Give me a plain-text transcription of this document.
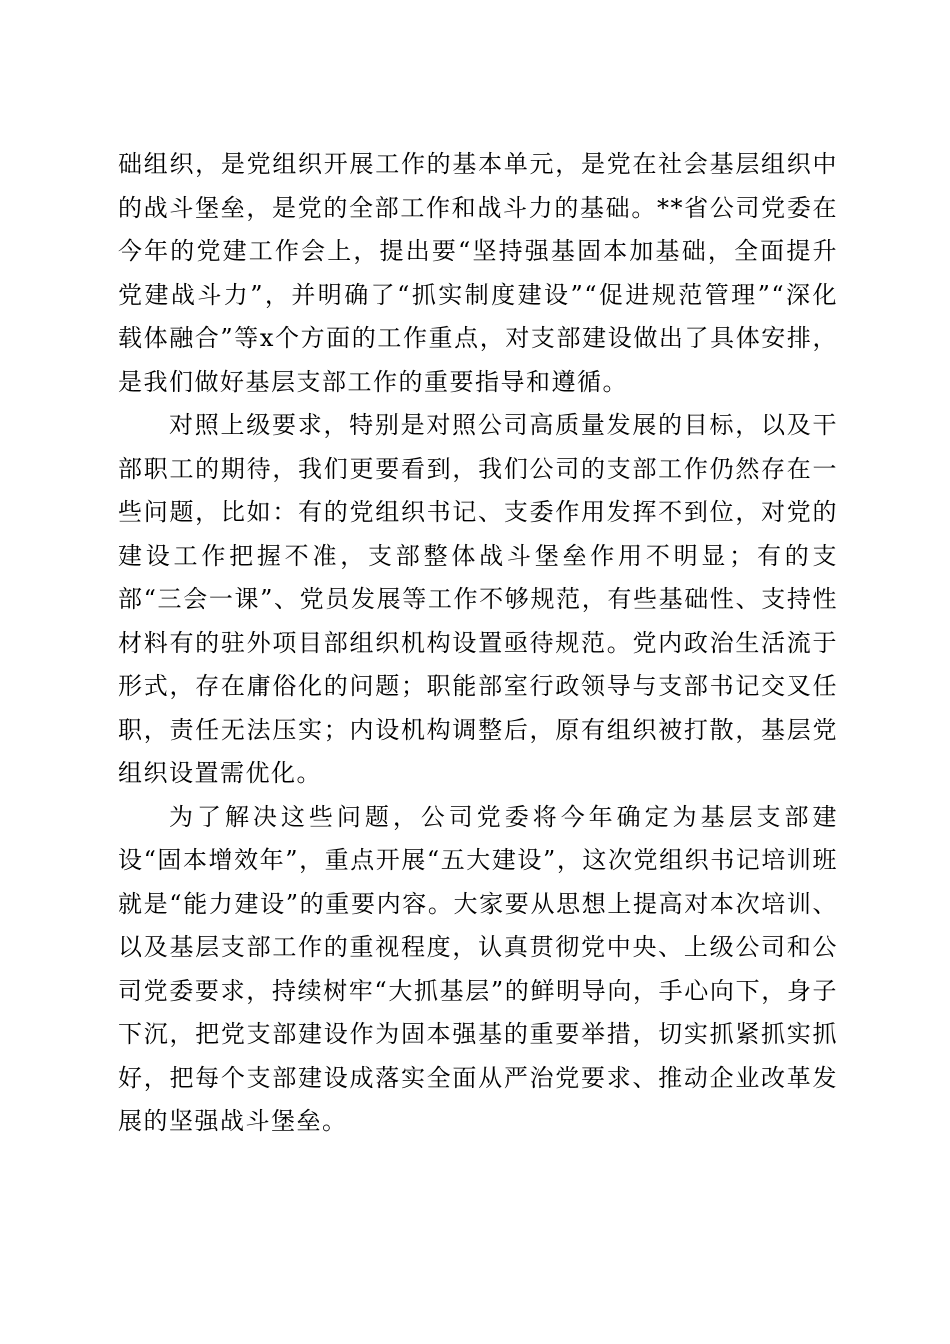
础组织，是党组织开展工作的基本单元，是党在社会基层组织中的战斗堡垒，是党的全部工作和战斗力的基础。**省公司党委在今年的党建工作会上，提出要“坚持强基固本加基础，全面提升党建战斗力”，并明确了“抓实制度建设”“促进规范管理”“深化载体融合”等x个方面的工作重点，对支部建设做出了具体安排，是我们做好基层支部工作的重要指导和遵循。

对照上级要求，特别是对照公司高质量发展的目标，以及干部职工的期待，我们更要看到，我们公司的支部工作仍然存在一些问题，比如：有的党组织书记、支委作用发挥不到位，对党的建设工作把握不准，支部整体战斗堡垒作用不明显；有的支部“三会一课”、党员发展等工作不够规范，有些基础性、支持性材料有的驻外项目部组织机构设置亟待规范。党内政治生活流于形式，存在庸俗化的问题；职能部室行政领导与支部书记交叉任职，责任无法压实；内设机构调整后，原有组织被打散，基层党组织设置需优化。

为了解决这些问题，公司党委将今年确定为基层支部建设“固本增效年”，重点开展“五大建设”，这次党组织书记培训班就是“能力建设”的重要内容。大家要从思想上提高对本次培训、以及基层支部工作的重视程度，认真贯彻党中央、上级公司和公司党委要求，持续树牢“大抓基层”的鲜明导向，手心向下，身子下沉，把党支部建设作为固本强基的重要举措，切实抓紧抓实抓好，把每个支部建设成落实全面从严治党要求、推动企业改革发展的坚强战斗堡垒。
